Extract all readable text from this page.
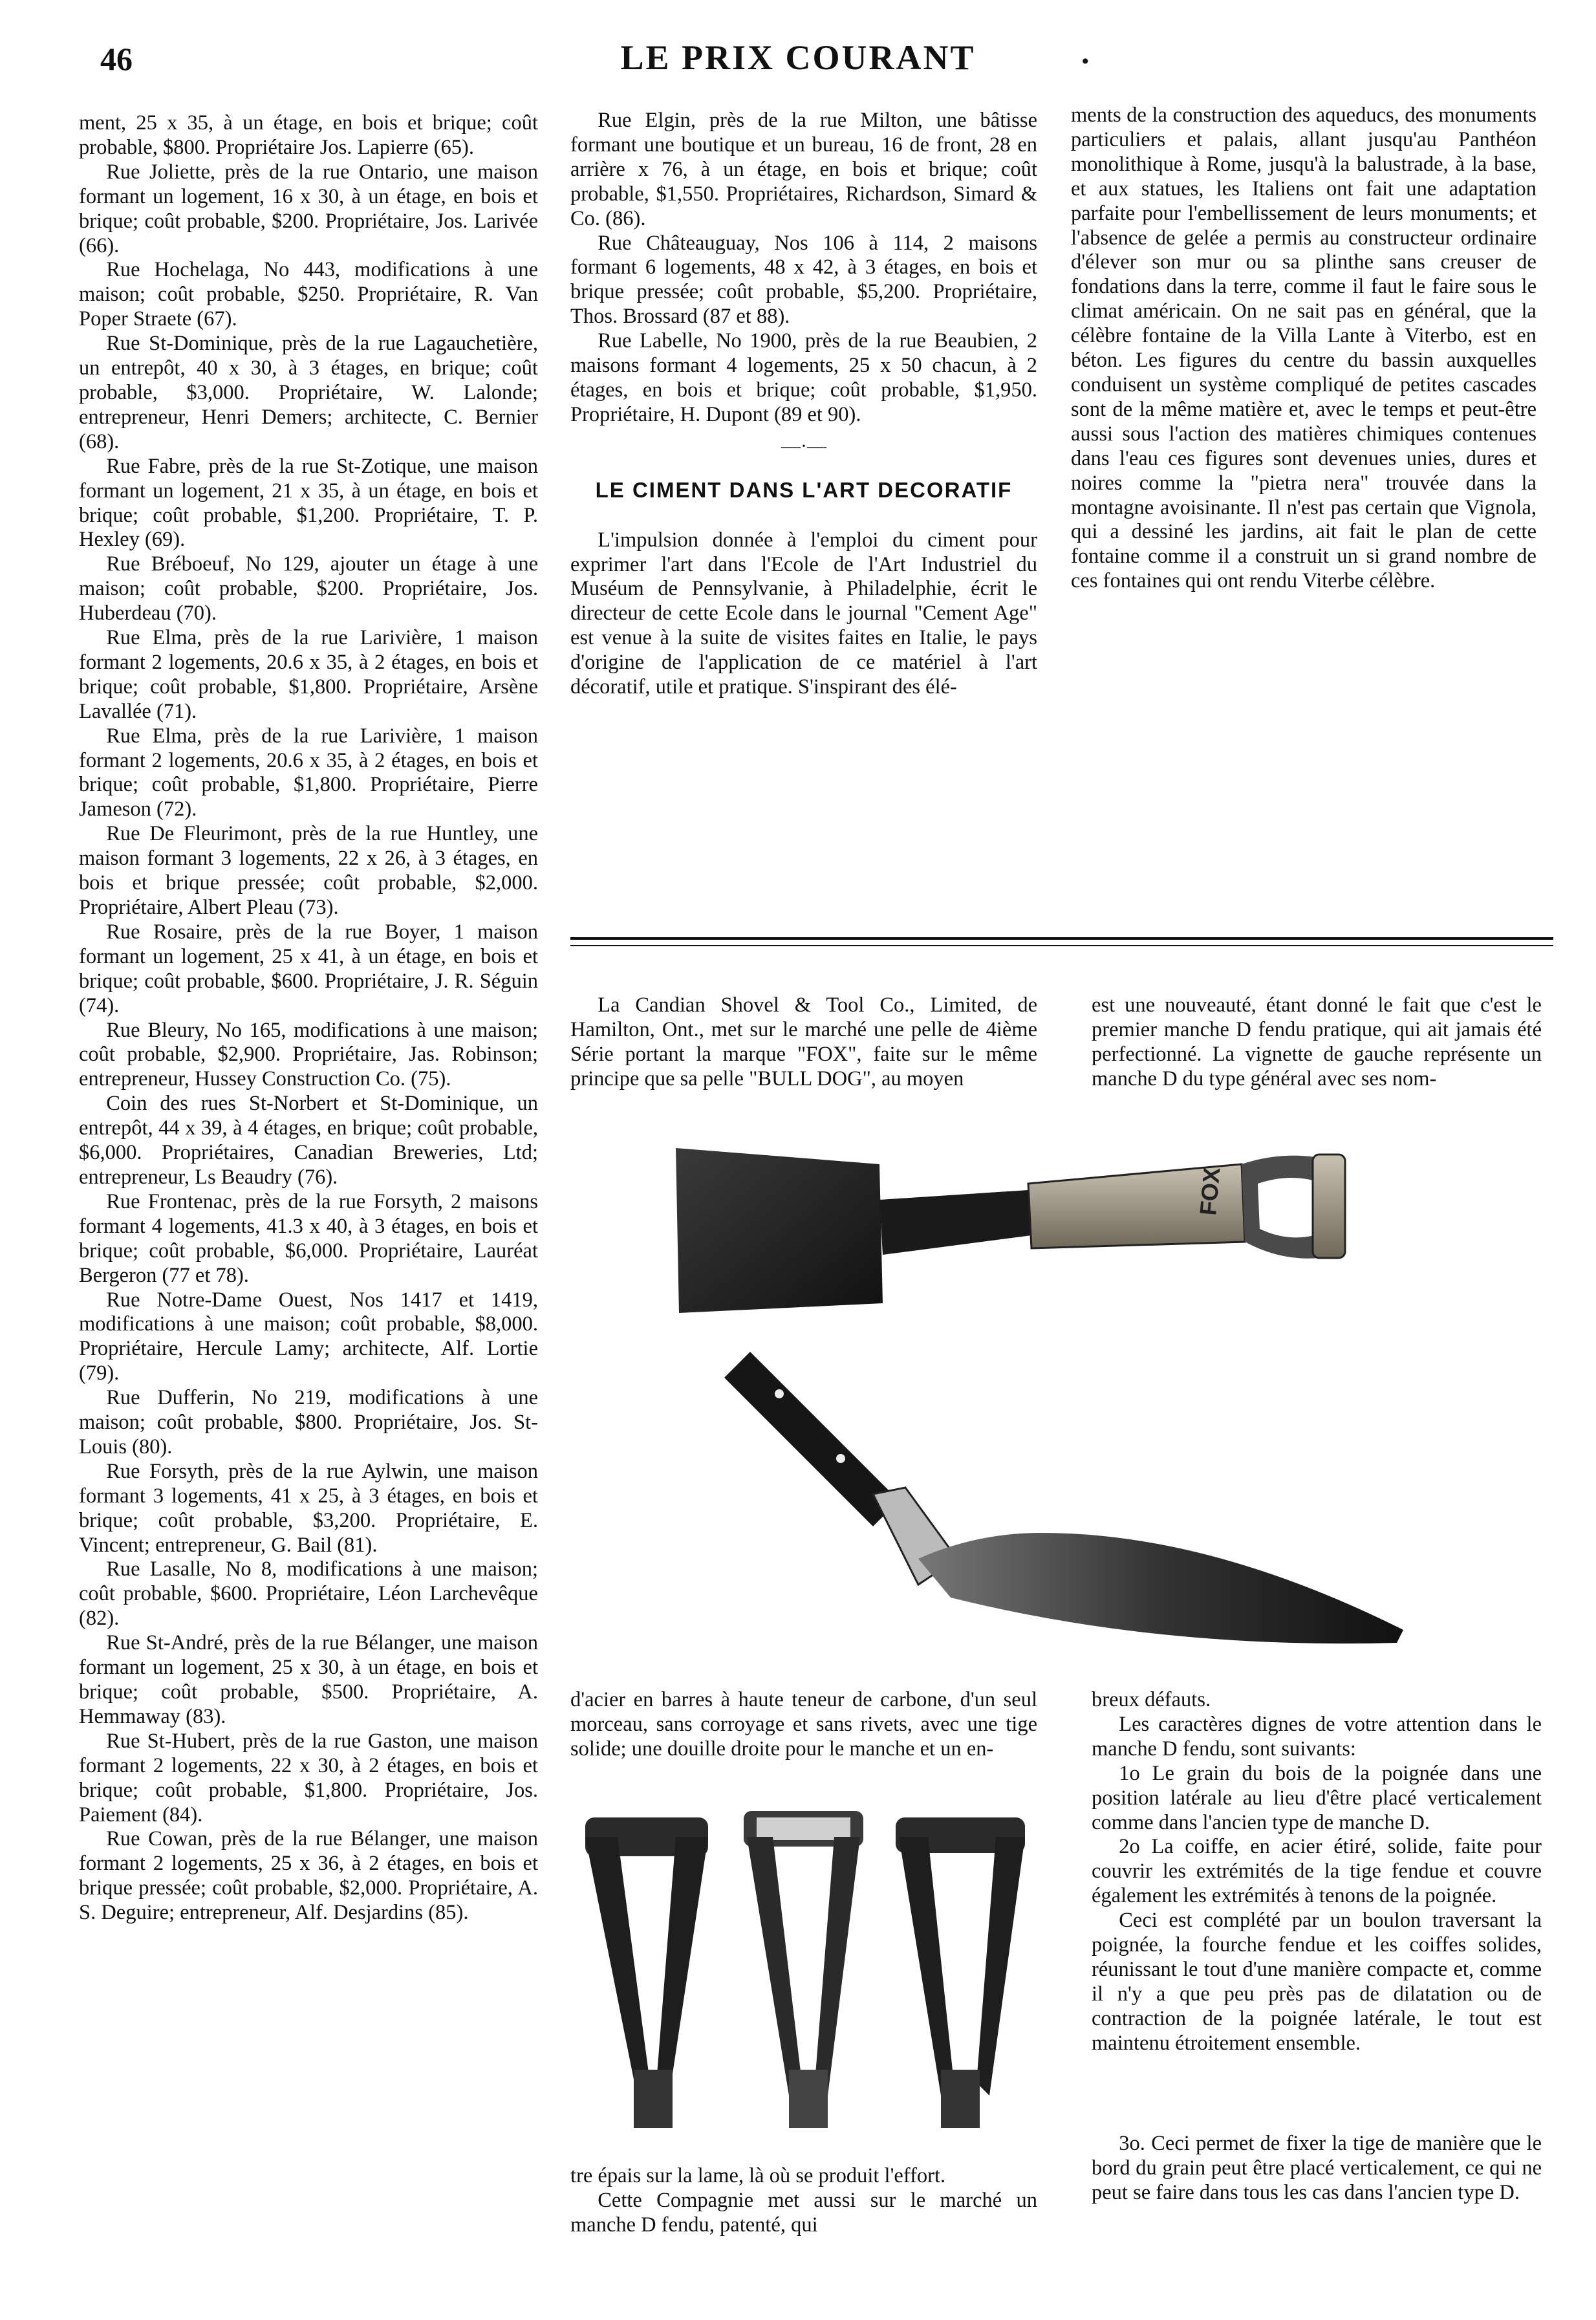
46	LE PRIX COURANT	.

ment, 25 x 35, à un étage, en bois et brique; coût probable, $800. Propriétaire Jos. Lapierre (65).

Rue Joliette, près de la rue Ontario, une maison formant un logement, 16 x 30, à un étage, en bois et brique; coût probable, $200. Propriétaire, Jos. Larivée (66).

Rue Hochelaga, No 443, modifications à une maison; coût probable, $250. Propriétaire, R. Van Poper Straete (67).

Rue St-Dominique, près de la rue Lagauchetière, un entrepôt, 40 x 30, à 3 étages, en brique; coût probable, $3,000. Propriétaire, W. Lalonde; entrepreneur, Henri Demers; architecte, C. Bernier (68).

Rue Fabre, près de la rue St-Zotique, une maison formant un logement, 21 x 35, à un étage, en bois et brique; coût probable, $1,200. Propriétaire, T. P. Hexley (69).

Rue Bréboeuf, No 129, ajouter un étage à une maison; coût probable, $200. Propriétaire, Jos. Huberdeau (70).

Rue Elma, près de la rue Larivière, 1 maison formant 2 logements, 20.6 x 35, à 2 étages, en bois et brique; coût probable, $1,800. Propriétaire, Arsène Lavallée (71).

Rue Elma, près de la rue Larivière, 1 maison formant 2 logements, 20.6 x 35, à 2 étages, en bois et brique; coût probable, $1,800. Propriétaire, Pierre Jameson (72).

Rue De Fleurimont, près de la rue Huntley, une maison formant 3 logements, 22 x 26, à 3 étages, en bois et brique pressée; coût probable, $2,000. Propriétaire, Albert Pleau (73).

Rue Rosaire, près de la rue Boyer, 1 maison formant un logement, 25 x 41, à un étage, en bois et brique; coût probable, $600. Propriétaire, J. R. Séguin (74).

Rue Bleury, No 165, modifications à une maison; coût probable, $2,900. Propriétaire, Jas. Robinson; entrepreneur, Hussey Construction Co. (75).

Coin des rues St-Norbert et St-Dominique, un entrepôt, 44 x 39, à 4 étages, en brique; coût probable, $6,000. Propriétaires, Canadian Breweries, Ltd; entrepreneur, Ls Beaudry (76).

Rue Frontenac, près de la rue Forsyth, 2 maisons formant 4 logements, 41.3 x 40, à 3 étages, en bois et brique; coût probable, $6,000. Propriétaire, Lauréat Bergeron (77 et 78).

Rue Notre-Dame Ouest, Nos 1417 et 1419, modifications à une maison; coût probable, $8,000. Propriétaire, Hercule Lamy; architecte, Alf. Lortie (79).

Rue Dufferin, No 219, modifications à une maison; coût probable, $800. Propriétaire, Jos. St-Louis (80).

Rue Forsyth, près de la rue Aylwin, une maison formant 3 logements, 41 x 25, à 3 étages, en bois et brique; coût probable, $3,200. Propriétaire, E. Vincent; entrepreneur, G. Bail (81).

Rue Lasalle, No 8, modifications à une maison; coût probable, $600. Propriétaire, Léon Larchevêque (82).

Rue St-André, près de la rue Bélanger, une maison formant un logement, 25 x 30, à un étage, en bois et brique; coût probable, $500. Propriétaire, A. Hemmaway (83).

Rue St-Hubert, près de la rue Gaston, une maison formant 2 logements, 22 x 30, à 2 étages, en bois et brique; coût probable, $1,800. Propriétaire, Jos. Paiement (84).

Rue Cowan, près de la rue Bélanger, une maison formant 2 logements, 25 x 36, à 2 étages, en bois et brique pressée; coût probable, $2,000. Propriétaire, A. S. Deguire; entrepreneur, Alf. Desjardins (85).

Rue Elgin, près de la rue Milton, une bâtisse formant une boutique et un bureau, 16 de front, 28 en arrière x 76, à un étage, en bois et brique; coût probable, $1,550. Propriétaires, Richardson, Simard & Co. (86).

Rue Châteauguay, Nos 106 à 114, 2 maisons formant 6 logements, 48 x 42, à 3 étages, en bois et brique pressée; coût probable, $5,200. Propriétaire, Thos. Brossard (87 et 88).

Rue Labelle, No 1900, près de la rue Beaubien, 2 maisons formant 4 logements, 25 x 50 chacun, à 2 étages, en bois et brique; coût probable, $1,950. Propriétaire, H. Dupont (89 et 90).

—·—
LE CIMENT DANS L'ART DECORATIF

L'impulsion donnée à l'emploi du ciment pour exprimer l'art dans l'Ecole de l'Art Industriel du Muséum de Pennsylvanie, à Philadelphie, écrit le directeur de cette Ecole dans le journal "Cement Age" est venue à la suite de visites faites en Italie, le pays d'origine de l'application de ce matériel à l'art décoratif, utile et pratique. S'inspirant des élé-

ments de la construction des aqueducs, des monuments particuliers et palais, allant jusqu'au Panthéon monolithique à Rome, jusqu'à la balustrade, à la base, et aux statues, les Italiens ont fait une adaptation parfaite pour l'embellissement de leurs monuments; et l'absence de gelée a permis au constructeur ordinaire d'élever son mur ou sa plinthe sans creuser de fondations dans la terre, comme il faut le faire sous le climat américain. On ne sait pas en général, que la célèbre fontaine de la Villa Lante à Viterbo, est en béton. Les figures du centre du bassin auxquelles conduisent un système compliqué de petites cascades sont de la même matière et, avec le temps et peut-être aussi sous l'action des matières chimiques contenues dans l'eau ces figures sont devenues unies, dures et noires comme la "pietra nera" trouvée dans la montagne avoisinante. Il n'est pas certain que Vignola, qui a dessiné les jardins, ait fait le plan de cette fontaine comme il a construit un si grand nombre de ces fontaines qui ont rendu Viterbe célèbre.

La Candian Shovel & Tool Co., Limited, de Hamilton, Ont., met sur le marché une pelle de 4ième Série portant la marque "FOX", faite sur le même principe que sa pelle "BULL DOG", au moyen

est une nouveauté, étant donné le fait que c'est le premier manche D fendu pratique, qui ait jamais été perfectionné. La vignette de gauche représente un manche D du type général avec ses nom-

FOX

d'acier en barres à haute teneur de carbone, d'un seul morceau, sans corroyage et sans rivets, avec une tige solide; une douille droite pour le manche et un en-

breux défauts.

Les caractères dignes de votre attention dans le manche D fendu, sont suivants:

1o Le grain du bois de la poignée dans une position latérale au lieu d'être placé verticalement comme dans l'ancien type de manche D.

2o La coiffe, en acier étiré, solide, faite pour couvrir les extrémités de la tige fendue et couvre également les extrémités à tenons de la poignée.

Ceci est complété par un boulon traversant la poignée, la fourche fendue et les coiffes solides, réunissant le tout d'une manière compacte et, comme il n'y a que peu près pas de dilatation ou de contraction de la poignée latérale, le tout est maintenu étroitement ensemble.

tre épais sur la lame, là où se produit l'effort.

Cette Compagnie met aussi sur le marché un manche D fendu, patenté, qui

3o. Ceci permet de fixer la tige de manière que le bord du grain peut être placé verticalement, ce qui ne peut se faire dans tous les cas dans l'ancien type D.
